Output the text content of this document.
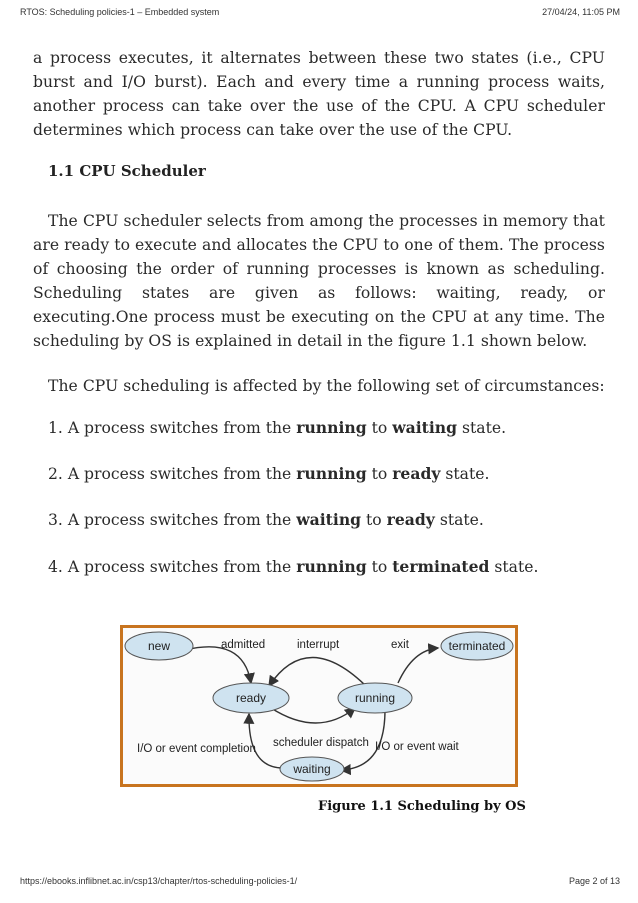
RTOS: Scheduling policies-1 – Embedded system	27/04/24, 11:05 PM
a process executes, it alternates between these two states (i.e., CPU burst and I/O burst). Each and every time a running process waits, another process can take over the use of the CPU. A CPU scheduler determines which process can take over the use of the CPU.
1.1 CPU Scheduler
The CPU scheduler selects from among the processes in memory that are ready to execute and allocates the CPU to one of them. The process of choosing the order of running processes is known as scheduling. Scheduling states are given as follows: waiting, ready, or executing.One process must be executing on the CPU at any time. The scheduling by OS is explained in detail in the figure 1.1 shown below.
The CPU scheduling is affected by the following set of circumstances:
1. A process switches from the running to waiting state.
2. A process switches from the running to ready state.
3. A process switches from the waiting to ready state.
4. A process switches from the running to terminated state.
new
ready	running
waiting
terminated
admitted	interrupt	exit
scheduler dispatch
I/O or event completion	I/O or event wait
Figure 1.1 Scheduling by OS
https://ebooks.inflibnet.ac.in/csp13/chapter/rtos-scheduling-policies-1/	Page 2 of 13
